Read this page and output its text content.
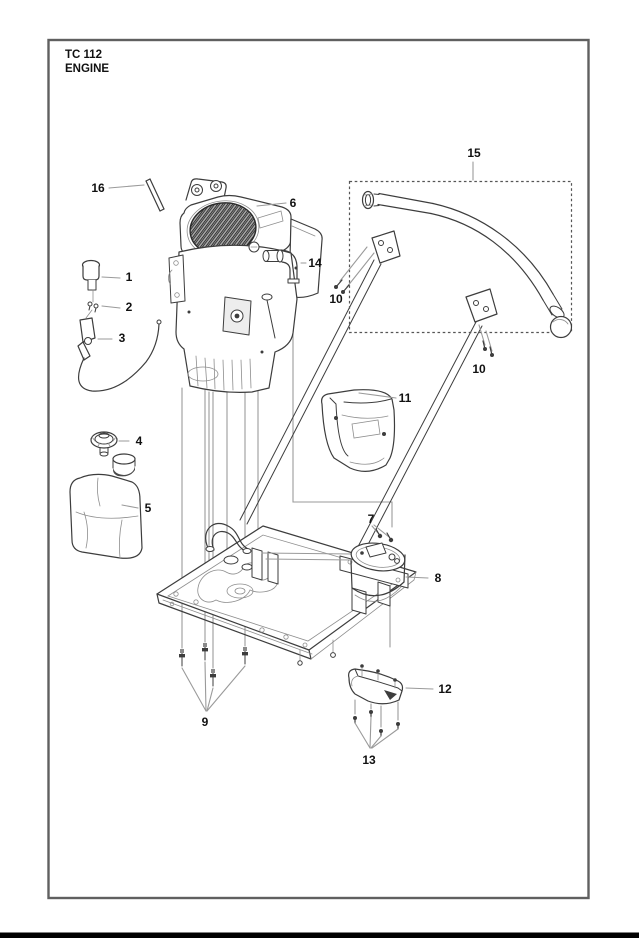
TC 112
ENGINE
1
2
3
4
5
6
7
8
9
10
10
11
12
13
14
15
16
